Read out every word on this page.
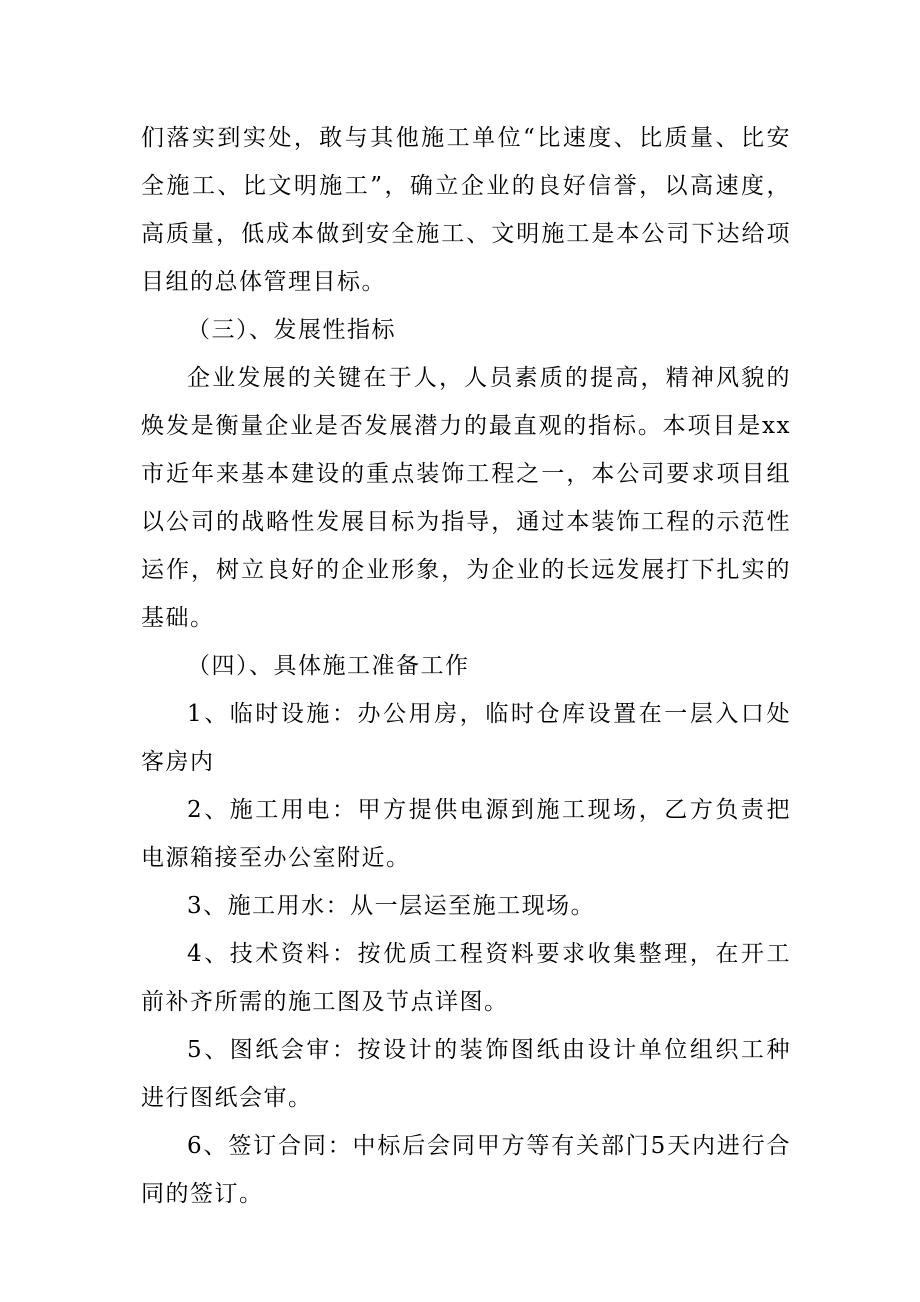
们落实到实处，敢与其他施工单位“比速度、比质量、比安全施工、比文明施工”，确立企业的良好信誉，以高速度，高质量，低成本做到安全施工、文明施工是本公司下达给项目组的总体管理目标。

（三）、发展性指标

企业发展的关键在于人，人员素质的提高，精神风貌的焕发是衡量企业是否发展潜力的最直观的指标。本项目是xx市近年来基本建设的重点装饰工程之一，本公司要求项目组以公司的战略性发展目标为指导，通过本装饰工程的示范性运作，树立良好的企业形象，为企业的长远发展打下扎实的基础。

（四）、具体施工准备工作

1、临时设施：办公用房，临时仓库设置在一层入口处客房内

2、施工用电：甲方提供电源到施工现场，乙方负责把电源箱接至办公室附近。

3、施工用水：从一层运至施工现场。

4、技术资料：按优质工程资料要求收集整理，在开工前补齐所需的施工图及节点详图。

5、图纸会审：按设计的装饰图纸由设计单位组织工种进行图纸会审。

6、签订合同：中标后会同甲方等有关部门5天内进行合同的签订。
